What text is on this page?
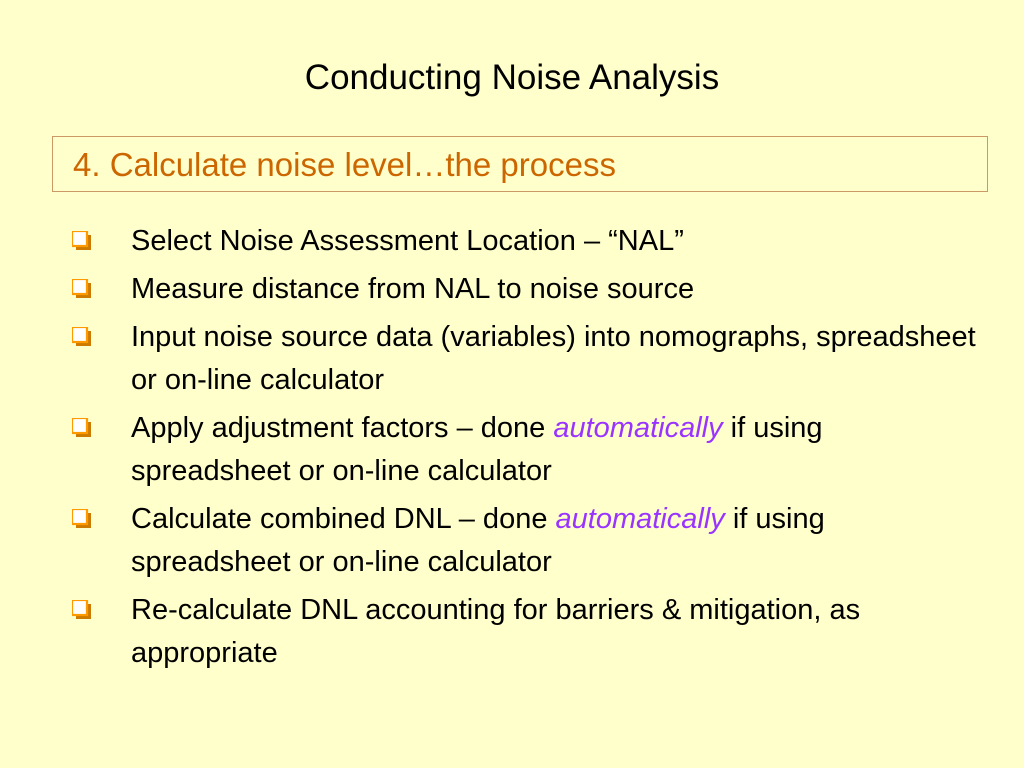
Conducting Noise Analysis
4. Calculate noise level…the process
Select Noise Assessment Location – “NAL”
Measure distance from NAL to noise source
Input noise source data (variables) into nomographs, spreadsheet or on-line calculator
Apply adjustment factors – done automatically if using spreadsheet or on-line calculator
Calculate combined DNL – done automatically if using spreadsheet or on-line calculator
Re-calculate DNL accounting for barriers & mitigation, as appropriate
